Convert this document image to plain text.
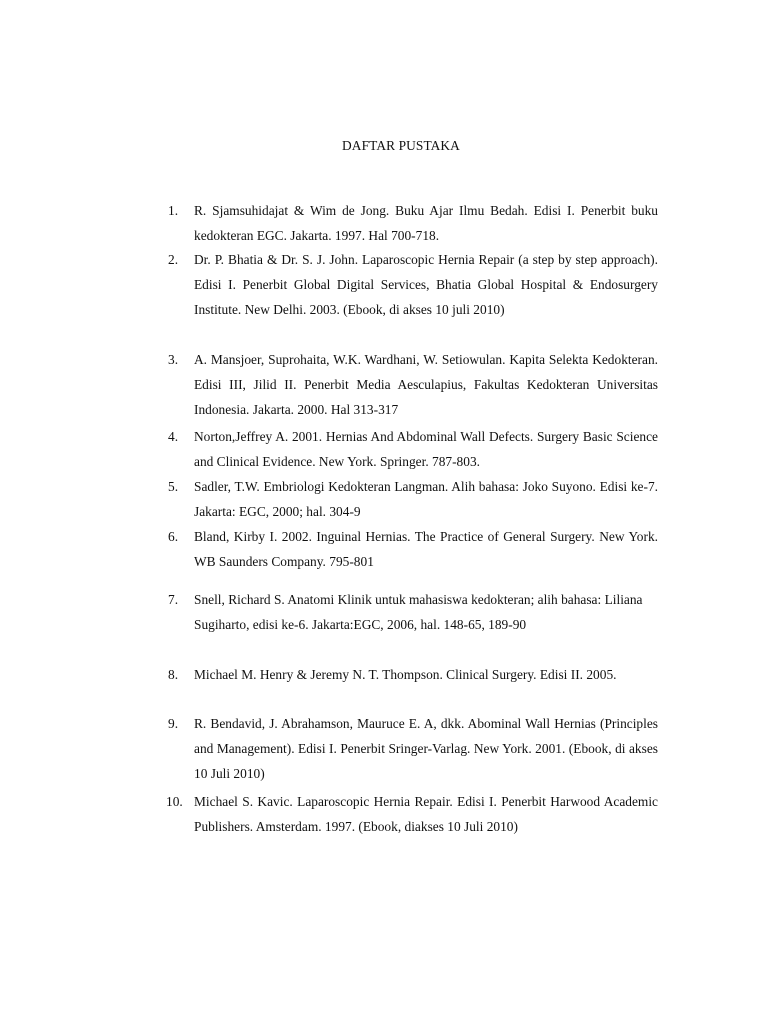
DAFTAR PUSTAKA
1.	R. Sjamsuhidajat & Wim de Jong. Buku Ajar Ilmu Bedah. Edisi I. Penerbit buku kedokteran EGC. Jakarta. 1997. Hal 700-718.

2.	Dr. P. Bhatia & Dr. S. J. John. Laparoscopic Hernia Repair (a step by step approach). Edisi I. Penerbit Global Digital Services, Bhatia Global Hospital & Endosurgery Institute. New Delhi. 2003. (Ebook, di akses 10 juli 2010)

3.	A. Mansjoer, Suprohaita, W.K. Wardhani, W. Setiowulan. Kapita Selekta Kedokteran. Edisi III, Jilid II. Penerbit Media Aesculapius, Fakultas Kedokteran Universitas Indonesia. Jakarta. 2000. Hal 313-317

4.	Norton,Jeffrey A. 2001. Hernias And Abdominal Wall Defects. Surgery Basic Science and Clinical Evidence. New York. Springer. 787-803.

5.	Sadler, T.W. Embriologi Kedokteran Langman. Alih bahasa: Joko Suyono. Edisi ke-7. Jakarta: EGC, 2000; hal. 304-9

6.	Bland, Kirby I. 2002. Inguinal Hernias. The Practice of General Surgery. New York. WB Saunders Company. 795-801

7.	Snell, Richard S. Anatomi Klinik untuk mahasiswa kedokteran; alih bahasa: Liliana Sugiharto, edisi ke-6. Jakarta:EGC, 2006, hal. 148-65, 189-90

8.	Michael M. Henry & Jeremy N. T. Thompson. Clinical Surgery. Edisi II. 2005.

9.	R. Bendavid, J. Abrahamson, Mauruce E. A, dkk. Abominal Wall Hernias (Principles and Management). Edisi I. Penerbit Sringer-Varlag. New York. 2001. (Ebook, di akses 10 Juli 2010)

10. Michael S. Kavic. Laparoscopic Hernia Repair. Edisi I. Penerbit Harwood Academic Publishers. Amsterdam. 1997. (Ebook, diakses 10 Juli 2010)
